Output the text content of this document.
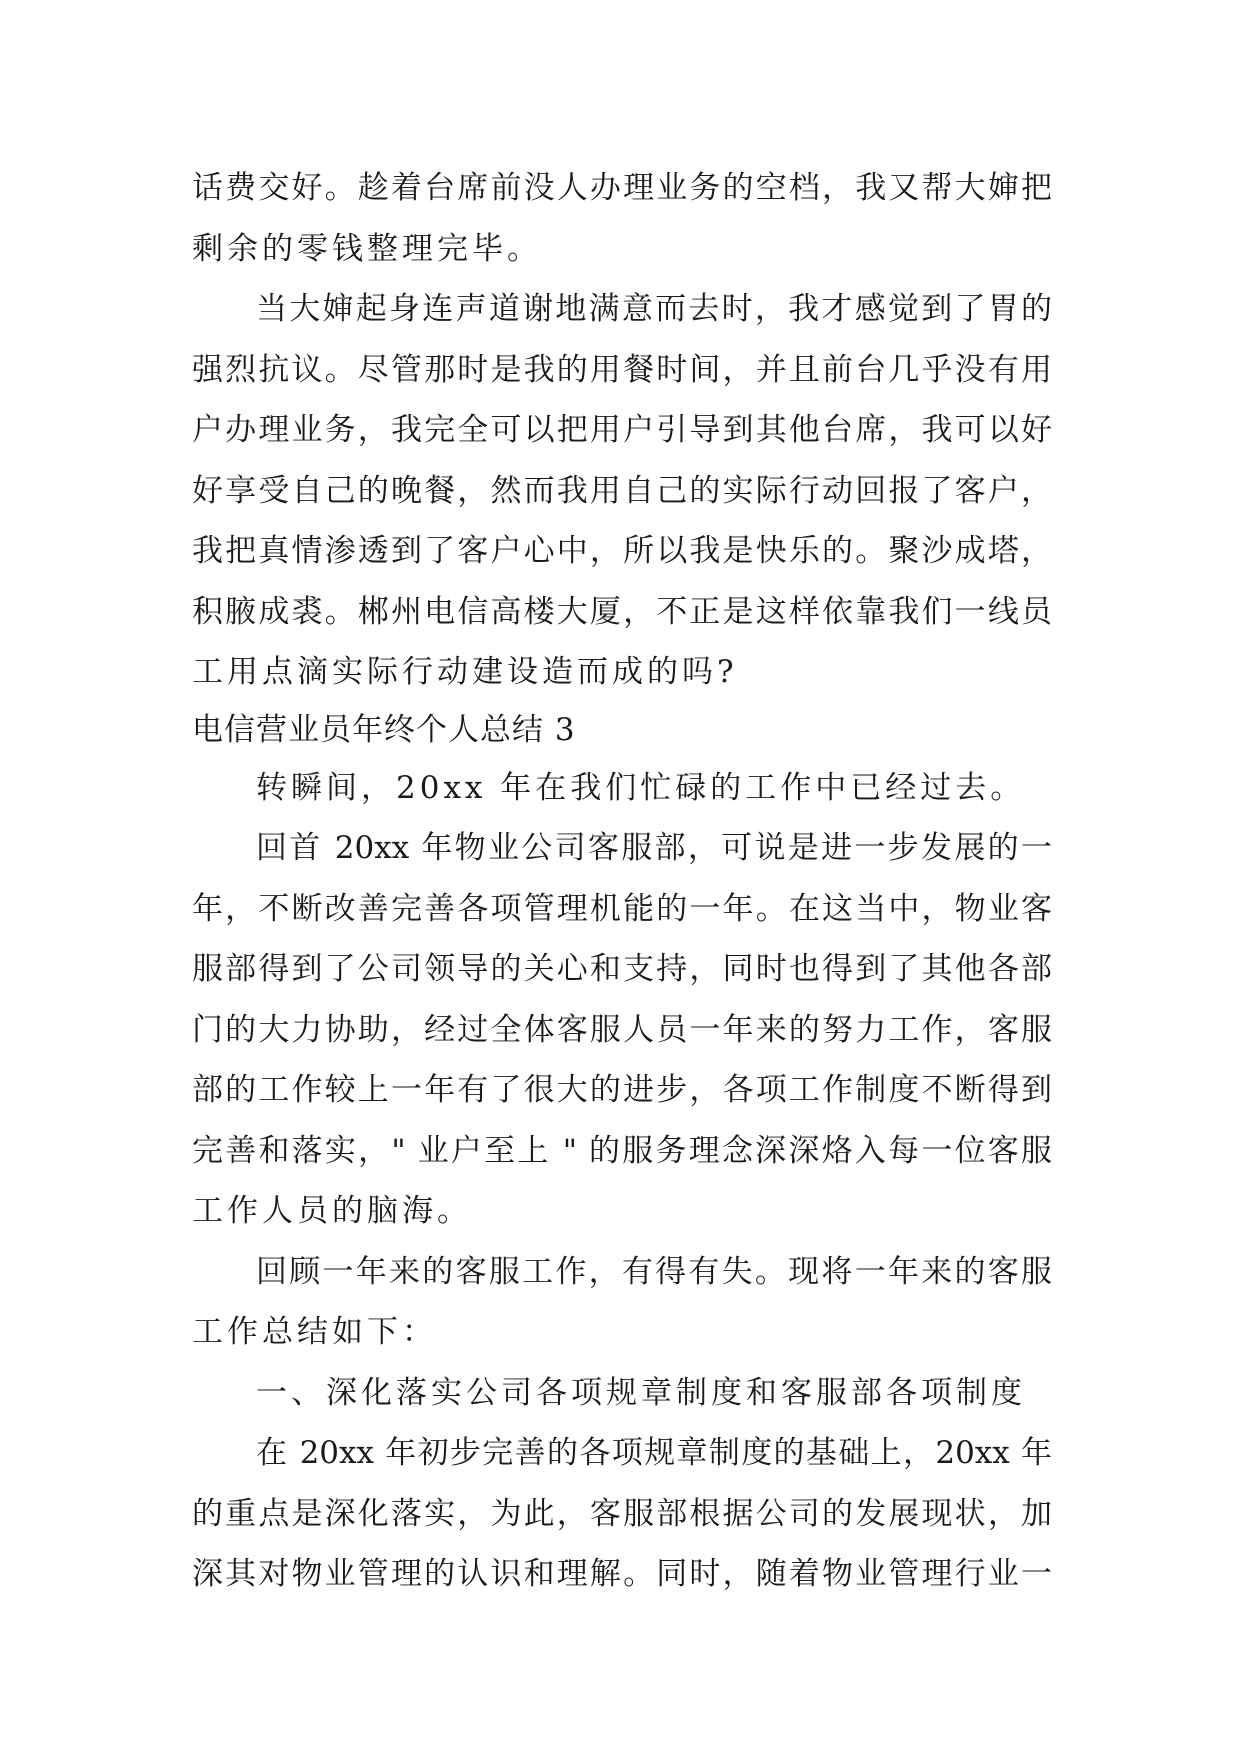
话费交好。趁着台席前没人办理业务的空档，我又帮大婶把
剩余的零钱整理完毕。
当大婶起身连声道谢地满意而去时，我才感觉到了胃的
强烈抗议。尽管那时是我的用餐时间，并且前台几乎没有用
户办理业务，我完全可以把用户引导到其他台席，我可以好
好享受自己的晚餐，然而我用自己的实际行动回报了客户，
我把真情渗透到了客户心中，所以我是快乐的。聚沙成塔，
积腋成裘。郴州电信高楼大厦，不正是这样依靠我们一线员
工用点滴实际行动建设造而成的吗?
电信营业员年终个人总结 3
转瞬间，20xx 年在我们忙碌的工作中已经过去。
回首 20xx 年物业公司客服部，可说是进一步发展的一
年，不断改善完善各项管理机能的一年。在这当中，物业客
服部得到了公司领导的关心和支持，同时也得到了其他各部
门的大力协助，经过全体客服人员一年来的努力工作，客服
部的工作较上一年有了很大的进步，各项工作制度不断得到
完善和落实，" 业户至上 " 的服务理念深深烙入每一位客服
工作人员的脑海。
回顾一年来的客服工作，有得有失。现将一年来的客服
工作总结如下：
一、深化落实公司各项规章制度和客服部各项制度
在 20xx 年初步完善的各项规章制度的基础上，20xx 年
的重点是深化落实，为此，客服部根据公司的发展现状，加
深其对物业管理的认识和理解。同时，随着物业管理行业一
